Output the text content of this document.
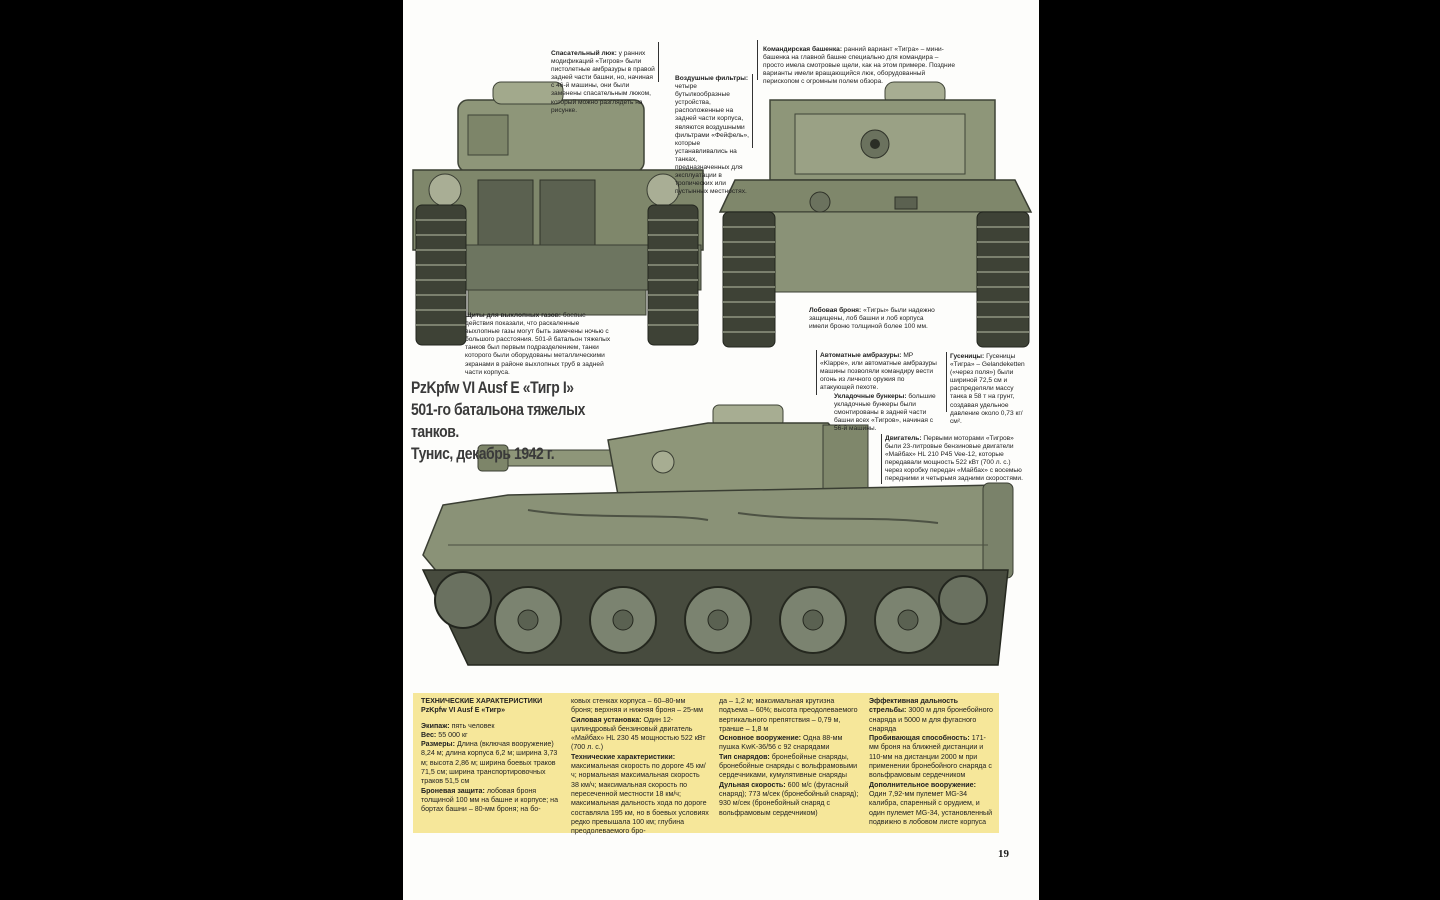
Спасательный люк: у ранних модификаций «Тигров» были пистолетные амбразуры в правой задней части башни, но, начиная с 46-й машины, они были заменены спасательным люком, который можно разглядеть на рисунке.
Воздушные фильтры: четыре бутылкообразные устройства, расположенные на задней части корпуса, являются воздушными фильтрами «Фейфель», которые устанавливались на танках, предназначенных для эксплуатации в тропических или пустынных местностях.
Командирская башенка: ранний вариант «Тигра» – мини-башенка на главной башне специально для командира – просто имела смотровые щели, как на этом примере. Поздние варианты имели вращающийся люк, оборудованный перископом с огромным полем обзора.
Щиты для выхлопных газов: боевые действия показали, что раскаленные выхлопные газы могут быть замечены ночью с большого расстояния. 501-й батальон тяжелых танков был первым подразделением, танки которого были оборудованы металлическими экранами в районе выхлопных труб в задней части корпуса.
Лобовая броня: «Тигры» были надежно защищены, лоб башни и лоб корпуса имели броню толщиной более 100 мм.
Автоматные амбразуры: MP «Klappe», или автоматные амбразуры машины позволяли командиру вести огонь из личного оружия по атакующей пехоте.
Гусеницы: Гусеницы «Тигра» – Gelandeketten («через поля») были шириной 72,5 см и распределяли массу танка в 58 т на грунт, создавая удельное давление около 0,73 кг/см².
Укладочные бункеры: большие укладочные бункеры были смонтированы в задней части башни всех «Тигров», начиная с 56-й машины.
Двигатель: Первыми моторами «Тигров» были 23-литровые бензиновые двигатели «Майбах» HL 210 P45 Vee-12, которые передавали мощность 522 кВт (700 л. с.) через коробку передач «Майбах» с восемью передними и четырьмя задними скоростями.
PzKpfw VI Ausf E «Тигр I»
501-го батальона тяжелых танков.
Тунис, декабрь 1942 г.
ТЕХНИЧЕСКИЕ ХАРАКТЕРИСТИКИ
PzKpfw VI Ausf E «Тигр»
Экипаж: пять человек
Вес: 55 000 кг
Размеры: Длина (включая вооружение) 8,24 м; длина корпуса 6,2 м; ширина 3,73 м; высота 2,86 м; ширина боевых траков 71,5 см; ширина транспортировочных траков 51,5 см
Броневая защита: лобовая броня толщиной 100 мм на башне и корпусе; на бортах башни – 80-мм броня; на бо-
ковых стенках корпуса – 60–80-мм броня; верхняя и нижняя броня – 25-мм
Силовая установка: Один 12-цилиндровый бензиновый двигатель «Майбах» HL 230 45 мощностью 522 кВт (700 л. с.)
Технические характеристики: максимальная скорость по дороге 45 км/ч; нормальная максимальная скорость 38 км/ч; максимальная скорость по пересеченной местности 18 км/ч; максимальная дальность хода по дороге составляла 195 км, но в боевых условиях редко превышала 100 км; глубина преодолеваемого бро-
да – 1,2 м; максимальная крутизна подъема – 60%; высота преодолеваемого вертикального препятствия – 0,79 м, транше – 1,8 м
Основное вооружение: Одна 88-мм пушка KwK-36/56 с 92 снарядами
Тип снарядов: бронебойные снаряды, бронебойные снаряды с вольфрамовыми сердечниками, кумулятивные снаряды
Дульная скорость: 600 м/с (фугасный снаряд); 773 м/сек (бронебойный снаряд); 930 м/сек (бронебойный снаряд с вольфрамовым сердечником)
Эффективная дальность стрельбы: 3000 м для бронебойного снаряда и 5000 м для фугасного снаряда
Пробивающая способность: 171-мм броня на ближней дистанции и 110-мм на дистанции 2000 м при применении бронебойного снаряда с вольфрамовым сердечником
Дополнительное вооружение: Один 7,92-мм пулемет MG-34 калибра, спаренный с орудием, и один пулемет MG-34, установленный подвижно в лобовом листе корпуса
19
